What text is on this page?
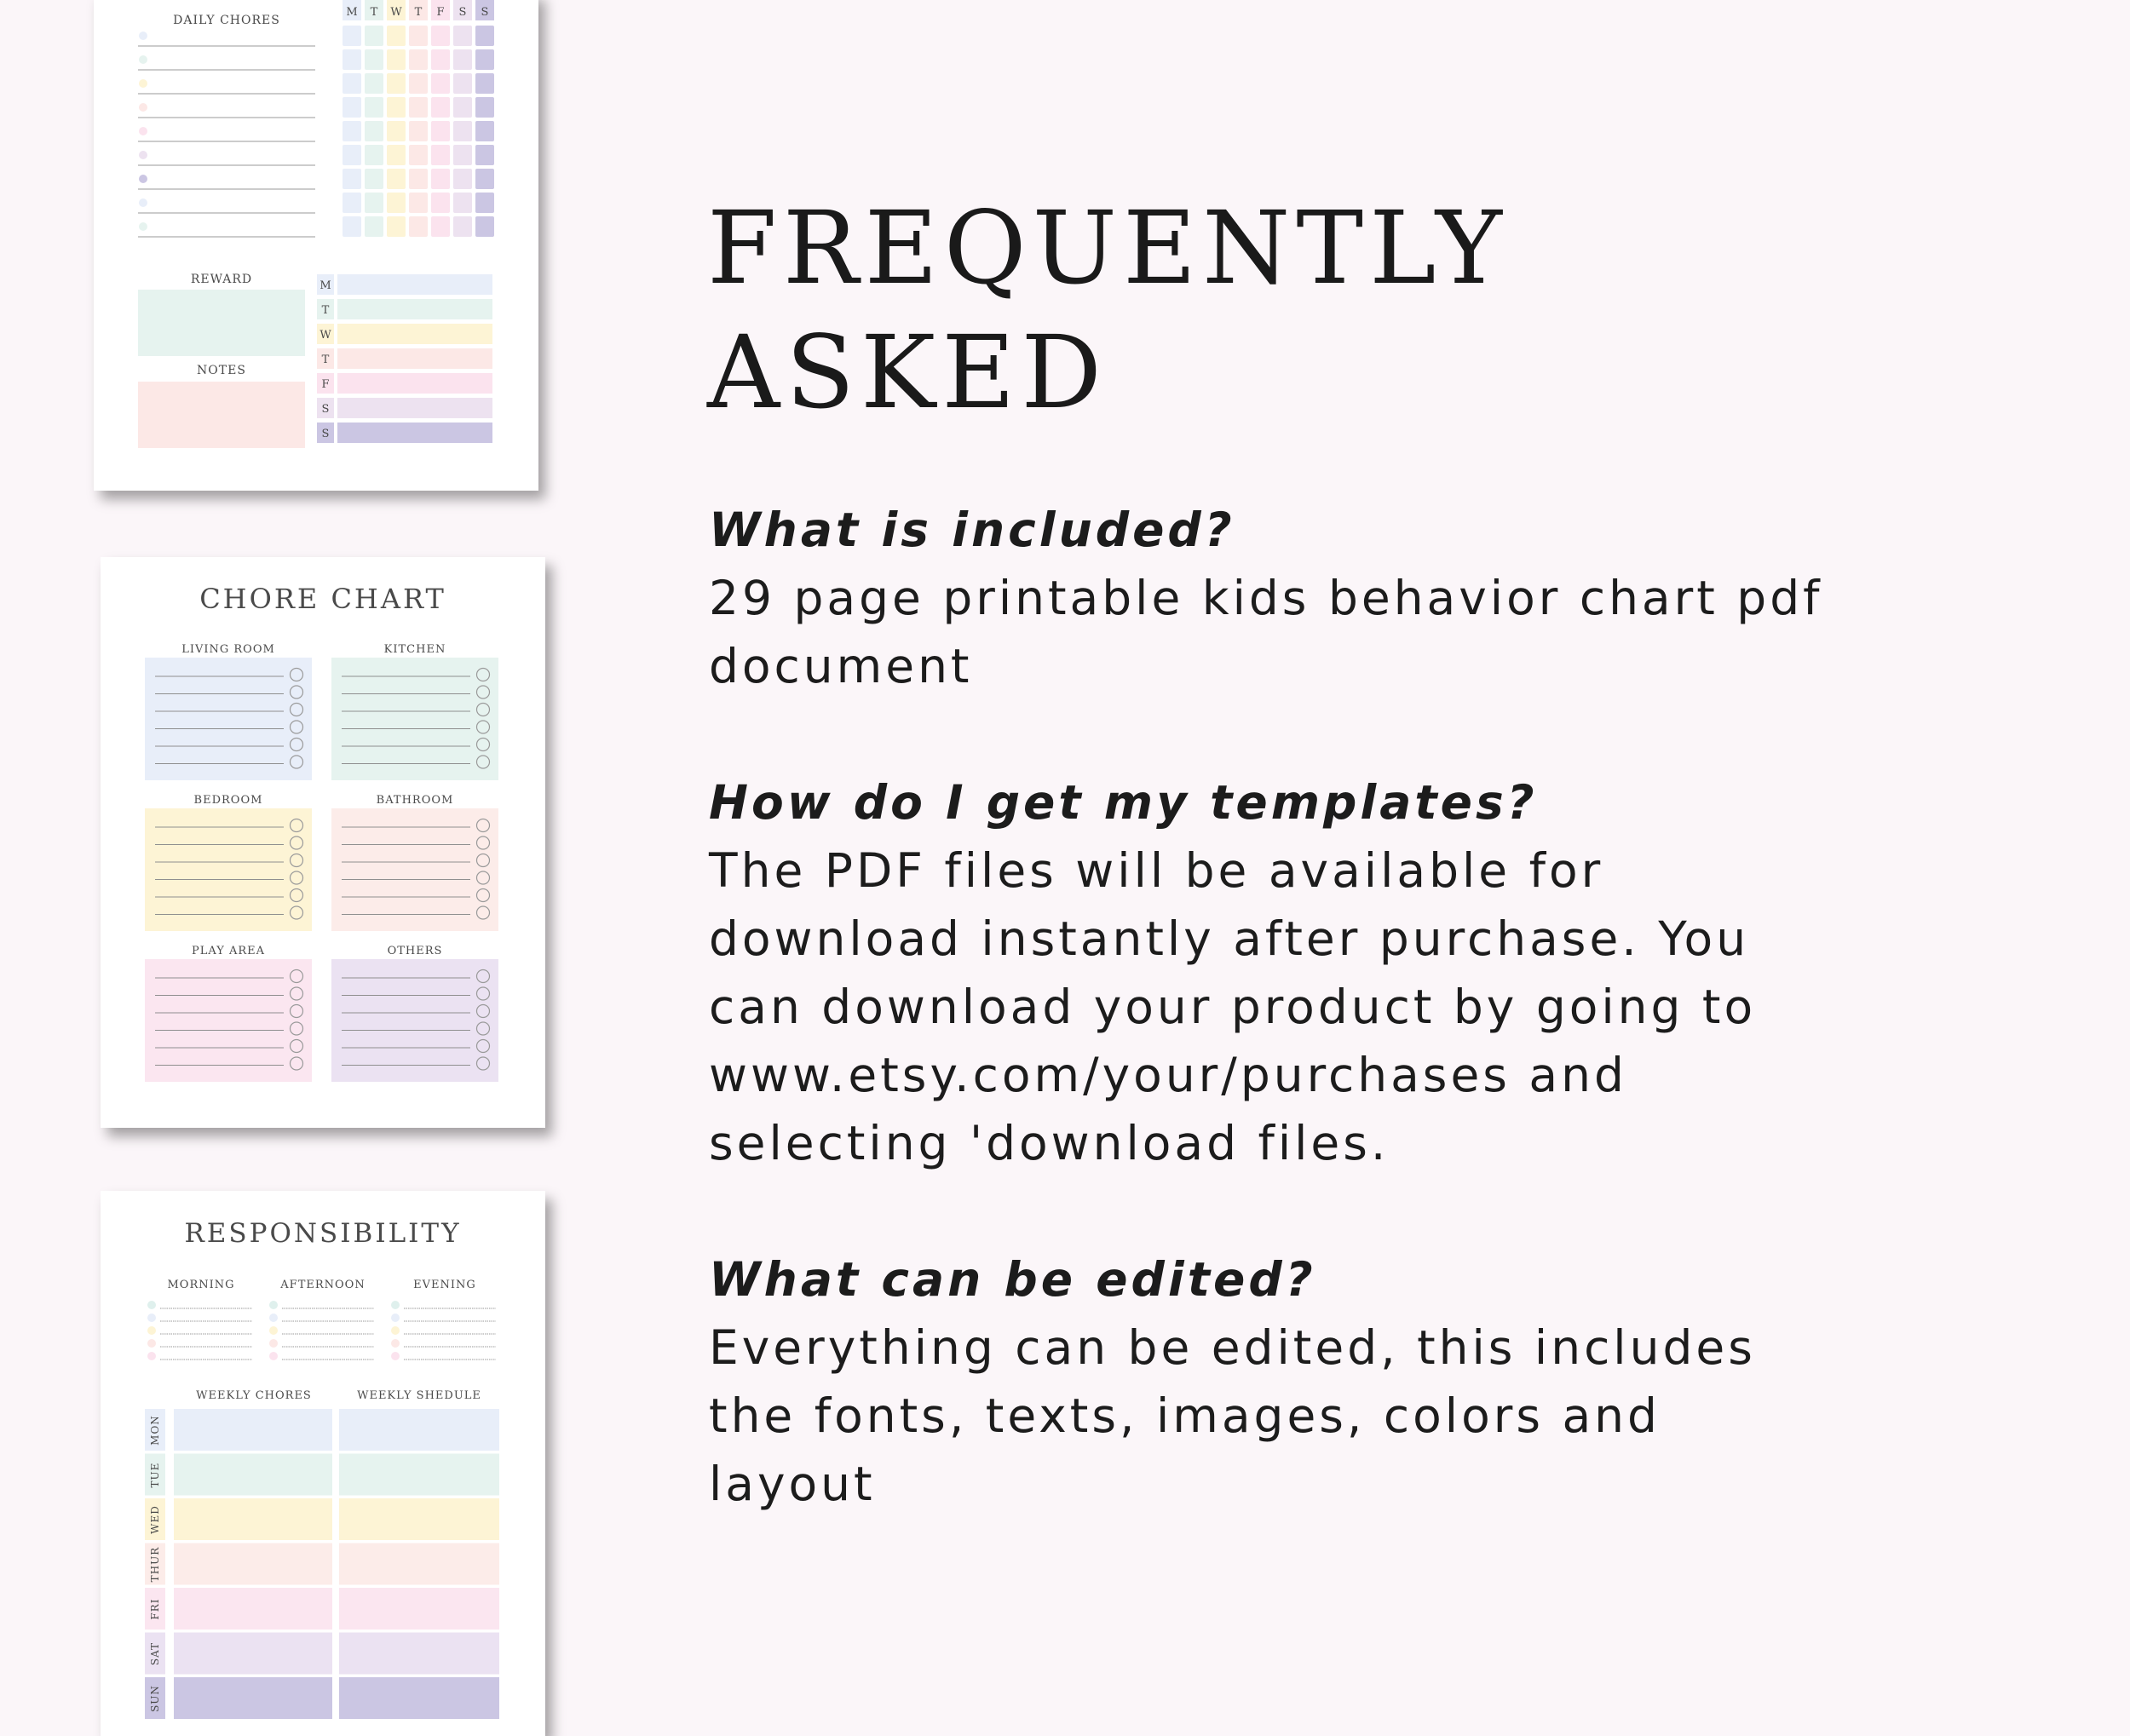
DAILY CHORES
REWARD
NOTES
M T W T F S S
M
T
W
T
F
S
S
CHORE CHART
LIVING ROOM	KITCHEN
BEDROOM	BATHROOM
PLAY AREA	OTHERS
RESPONSIBILITY
WEEKLY CHORES	WEEKLY SHEDULE
MORNING	AFTERNOON	EVENING
MON
TUE
WED
THUR
FRI
SAT
SUN
FREQUENTLY
ASKED
What is included?
29 page printable kids behavior chart pdf
document
How do I get my templates?
The PDF files will be available for
download instantly after purchase. You
can download your product by going to
www.etsy.com/your/purchases and
selecting 'download files.
What can be edited?
Everything can be edited, this includes
the fonts, texts, images, colors and
layout
